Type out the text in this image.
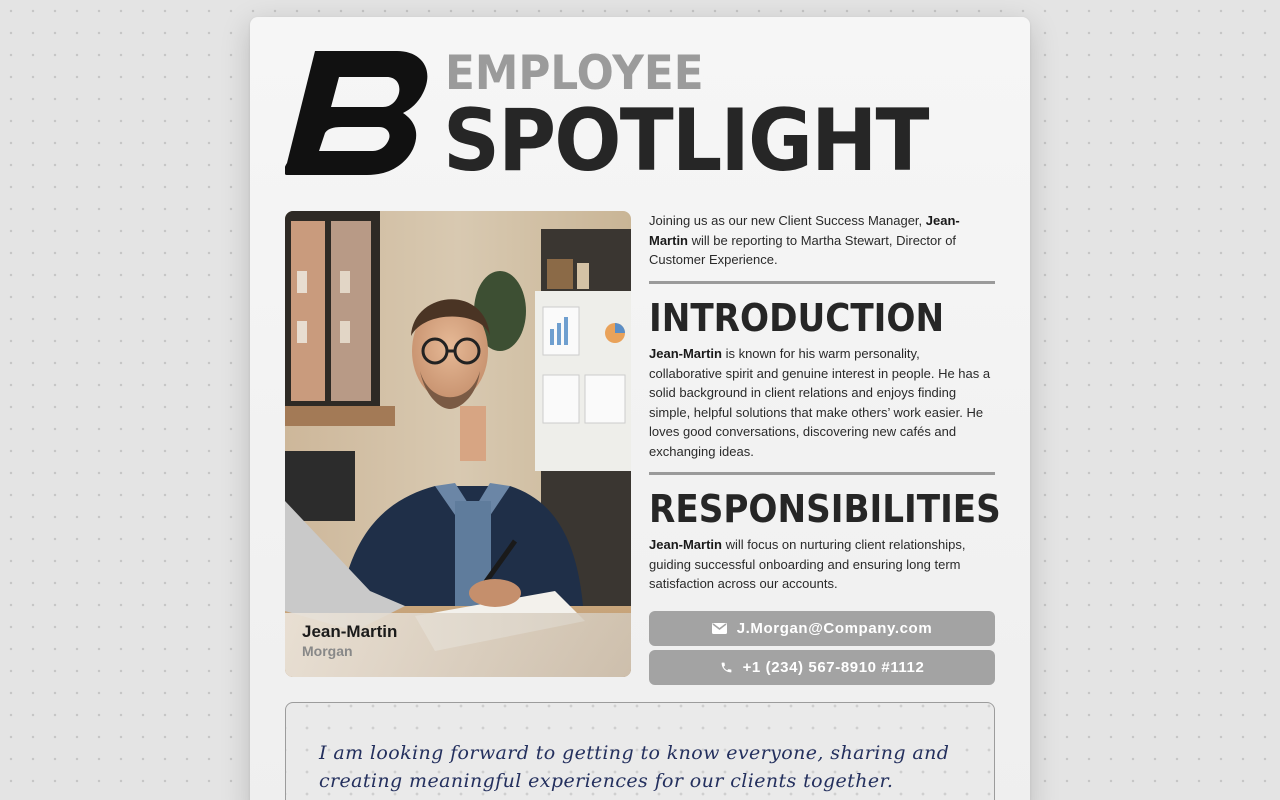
EMPLOYEE
SPOTLIGHT
Jean-Martin
Morgan
Joining us as our new Client Success Manager, Jean-Martin will be reporting to Martha Stewart, Director of Customer Experience.
INTRODUCTION
Jean-Martin is known for his warm personality, collaborative spirit and genuine interest in people. He has a solid background in client relations and enjoys finding simple, helpful solutions that make others’ work easier. He loves good conversations, discovering new cafés and exchanging ideas.
RESPONSIBILITIES
Jean-Martin will focus on nurturing client relationships, guiding successful onboarding and ensuring long term satisfaction across our accounts.
J.Morgan@Company.com
+1 (234) 567-8910 #1112
I am looking forward to getting to know everyone, sharing and creating meaningful experiences for our clients together.
